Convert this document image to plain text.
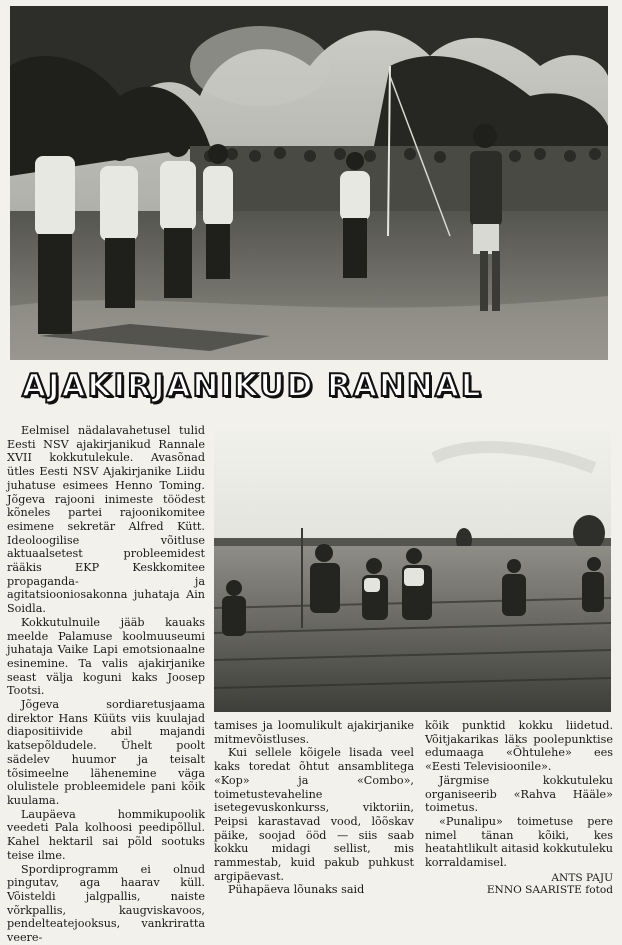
AJAKIRJANIKUD RANNAL

Eelmisel nädalavahetusel tulid Eesti NSV ajakirjanikud Rannale XVII kokkutulekule. Avasõnad ütles Eesti NSV Ajakirjanike Liidu juhatuse esimees Henno Toming. Jõgeva rajooni inimeste töödest kõneles partei rajoonikomitee esimene sekretär Alfred Kütt. Ideoloogilise võitluse aktuaalsetest probleemidest rääkis EKP Keskkomitee propaganda- ja agitatsiooniosakonna juhataja Ain Soidla.

Kokkutulnuile jääb kauaks meelde Palamuse koolmuuseumi juhataja Vaike Lapi emotsionaalne esinemine. Ta valis ajakirjanike seast välja koguni kaks Joosep Tootsi.

Jõgeva sordiaretusjaama direktor Hans Küüts viis kuulajad diapositiivide abil majandi katsepõldudele. Ühelt poolt sädelev huumor ja teisalt tõsimeelne lähenemine väga olulistele probleemidele pani kõik kuulama.

Laupäeva hommikupoolik veedeti Pala kolhoosi peedipõllul. Kahel hektaril sai põld sootuks teise ilme.

Spordiprogramm ei olnud pingutav, aga haarav küll. Võisteldi jalgpallis, naiste võrkpallis, kaugviskavoos, pendelteatejooksus, vankriratta veere-

tamises ja loomulikult ajakirjanike mitmevõistluses.

Kui sellele kõigele lisada veel kaks toredat õhtut ansamblitega «Kop» ja «Combo», toimetustevaheline isetegevuskonkurss, viktoriin, Peipsi karastavad vood, lõõskav päike, soojad ööd — siis saab kokku midagi sellist, mis rammestab, kuid pakub puhkust argipäevast.

Pühapäeva lõunaks said

kõik punktid kokku liidetud. Võitjakarikas läks poolepunktise edumaaga «Õhtulehe» ees «Eesti Televisioonile».

Järgmise kokkutuleku organiseerib «Rahva Hääle» toimetus.

«Punalipu» toimetuse pere nimel tänan kõiki, kes heatahtlikult aitasid kokkutuleku korraldamisel.

ANTS PAJU
ENNO SAARISTE fotod
